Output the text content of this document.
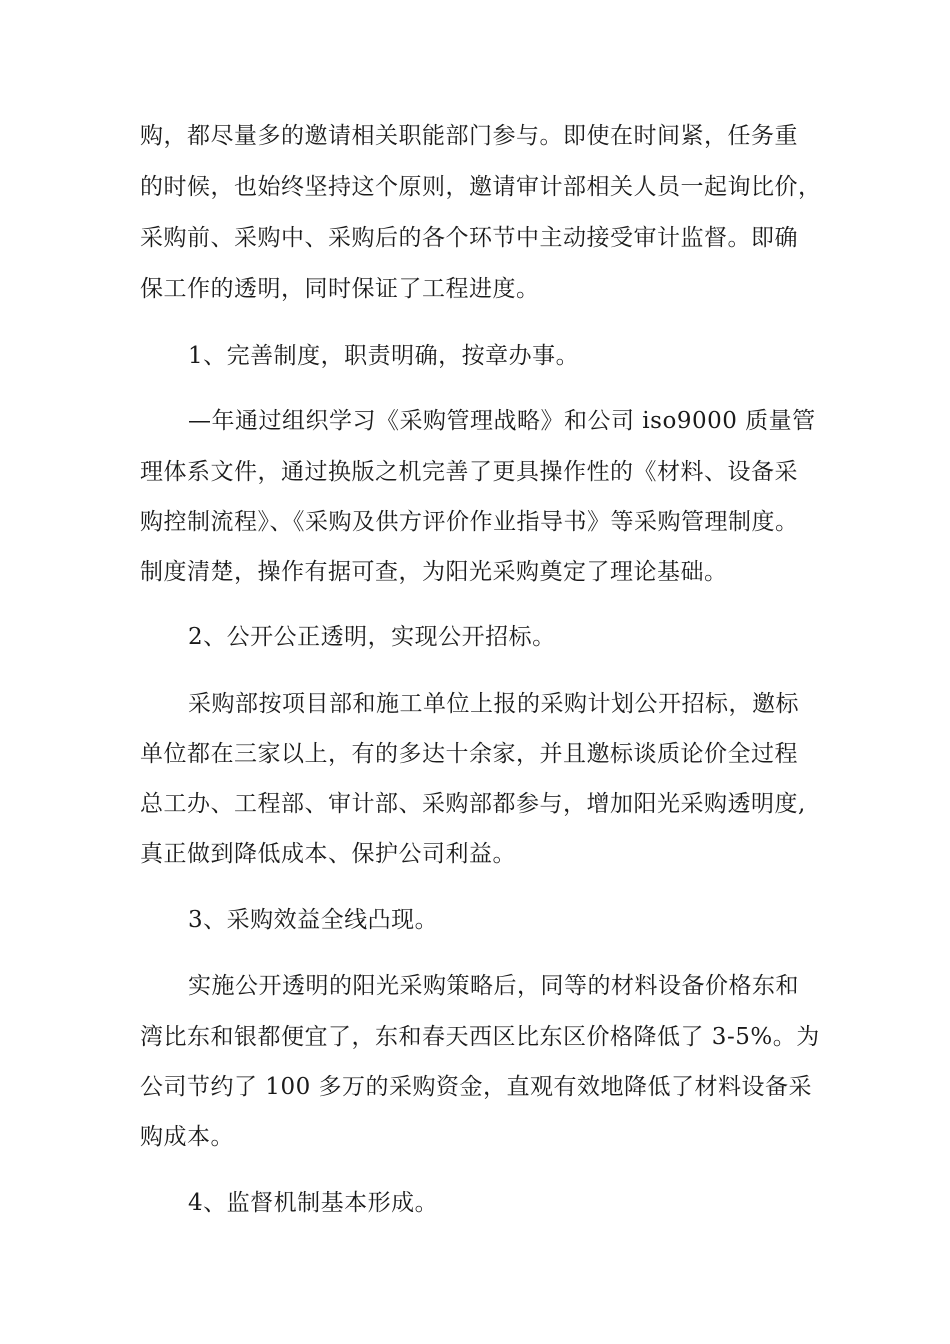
购，都尽量多的邀请相关职能部门参与。即使在时间紧，任务重
的时候，也始终坚持这个原则，邀请审计部相关人员一起询比价，
采购前、采购中、采购后的各个环节中主动接受审计监督。即确
保工作的透明，同时保证了工程进度。
1、完善制度，职责明确，按章办事。
—年通过组织学习《采购管理战略》和公司 iso9000 质量管
理体系文件，通过换版之机完善了更具操作性的《材料、设备采
购控制流程》、《采购及供方评价作业指导书》等采购管理制度。
制度清楚，操作有据可查，为阳光采购奠定了理论基础。
2、公开公正透明，实现公开招标。
采购部按项目部和施工单位上报的采购计划公开招标，邀标
单位都在三家以上，有的多达十余家，并且邀标谈质论价全过程
总工办、工程部、审计部、采购部都参与，增加阳光采购透明度,
真正做到降低成本、保护公司利益。
3、采购效益全线凸现。
实施公开透明的阳光采购策略后，同等的材料设备价格东和
湾比东和银都便宜了，东和春天西区比东区价格降低了 3-5%。为
公司节约了 100 多万的采购资金，直观有效地降低了材料设备采
购成本。
4、监督机制基本形成。
